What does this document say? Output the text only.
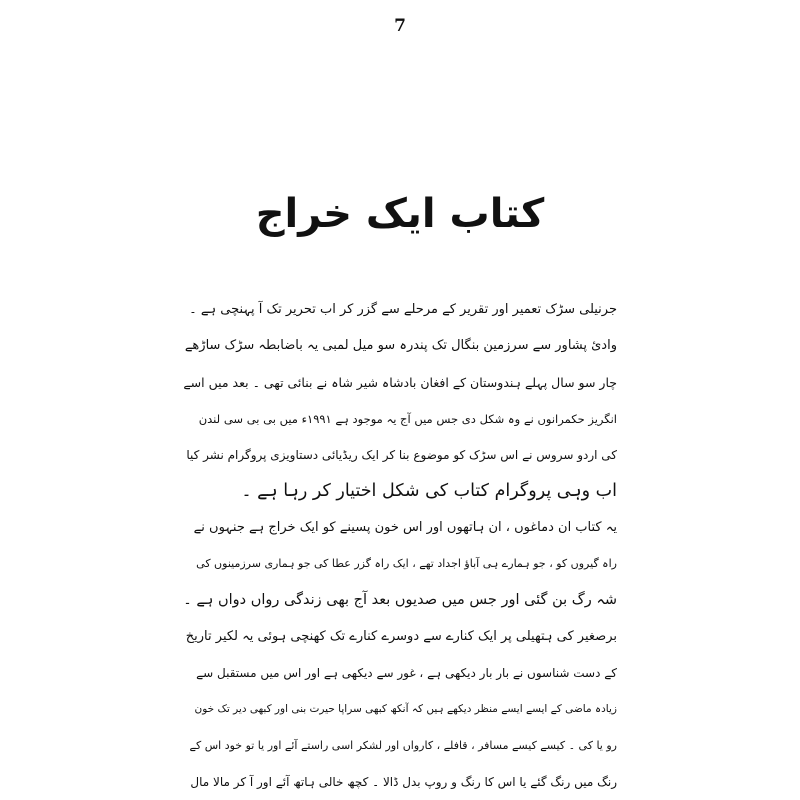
7
کتاب ایک خراج
جرنیلی سڑک تعمیر اور تقریر کے مرحلے سے گزر کر اب تحریر تک آ پہنچی ہے ۔
وادیٔ پشاور سے سرزمین بنگال تک پندرہ سو میل لمبی یہ باضابطہ سڑک ساڑھے
چار سو سال پہلے ہندوستان کے افغان بادشاہ شیر شاہ نے بنائی تھی ۔ بعد میں اسے
انگریز حکمرانوں نے وہ شکل دی جس میں آج یہ موجود ہے ۱۹۹۱ء میں بی بی سی لندن
کی اردو سروس نے اس سڑک کو موضوع بنا کر ایک ریڈیائی دستاویزی پروگرام نشر کیا
اب وہی پروگرام کتاب کی شکل اختیار کر رہا ہے ۔
یہ کتاب ان دماغوں ، ان ہاتھوں اور اس خون پسینے کو ایک خراج ہے جنہوں نے
راہ گیروں کو ، جو ہمارے ہی آباؤ اجداد تھے ، ایک راہ گزر عطا کی جو ہماری سرزمینوں کی
شہ رگ بن گئی اور جس میں صدیوں بعد آج بھی زندگی رواں دواں ہے ۔
برصغیر کی ہتھیلی پر ایک کنارے سے دوسرے کنارے تک کھنچی ہوئی یہ لکیر تاریخ
کے دست شناسوں نے بار بار دیکھی ہے ، غور سے دیکھی ہے اور اس میں مستقبل سے
زیادہ ماضی کے ایسے ایسے منظر دیکھے ہیں کہ آنکھ کبھی سراپا حیرت بنی اور کبھی دیر تک خون
رو یا کی ۔ کیسے کیسے مسافر ، قافلے ، کارواں اور لشکر اسی راستے آئے اور یا تو خود اس کے
رنگ میں رنگ گئے یا اس کا رنگ و روپ بدل ڈالا ۔ کچھ خالی ہاتھ آئے اور آ کر مالا مال
